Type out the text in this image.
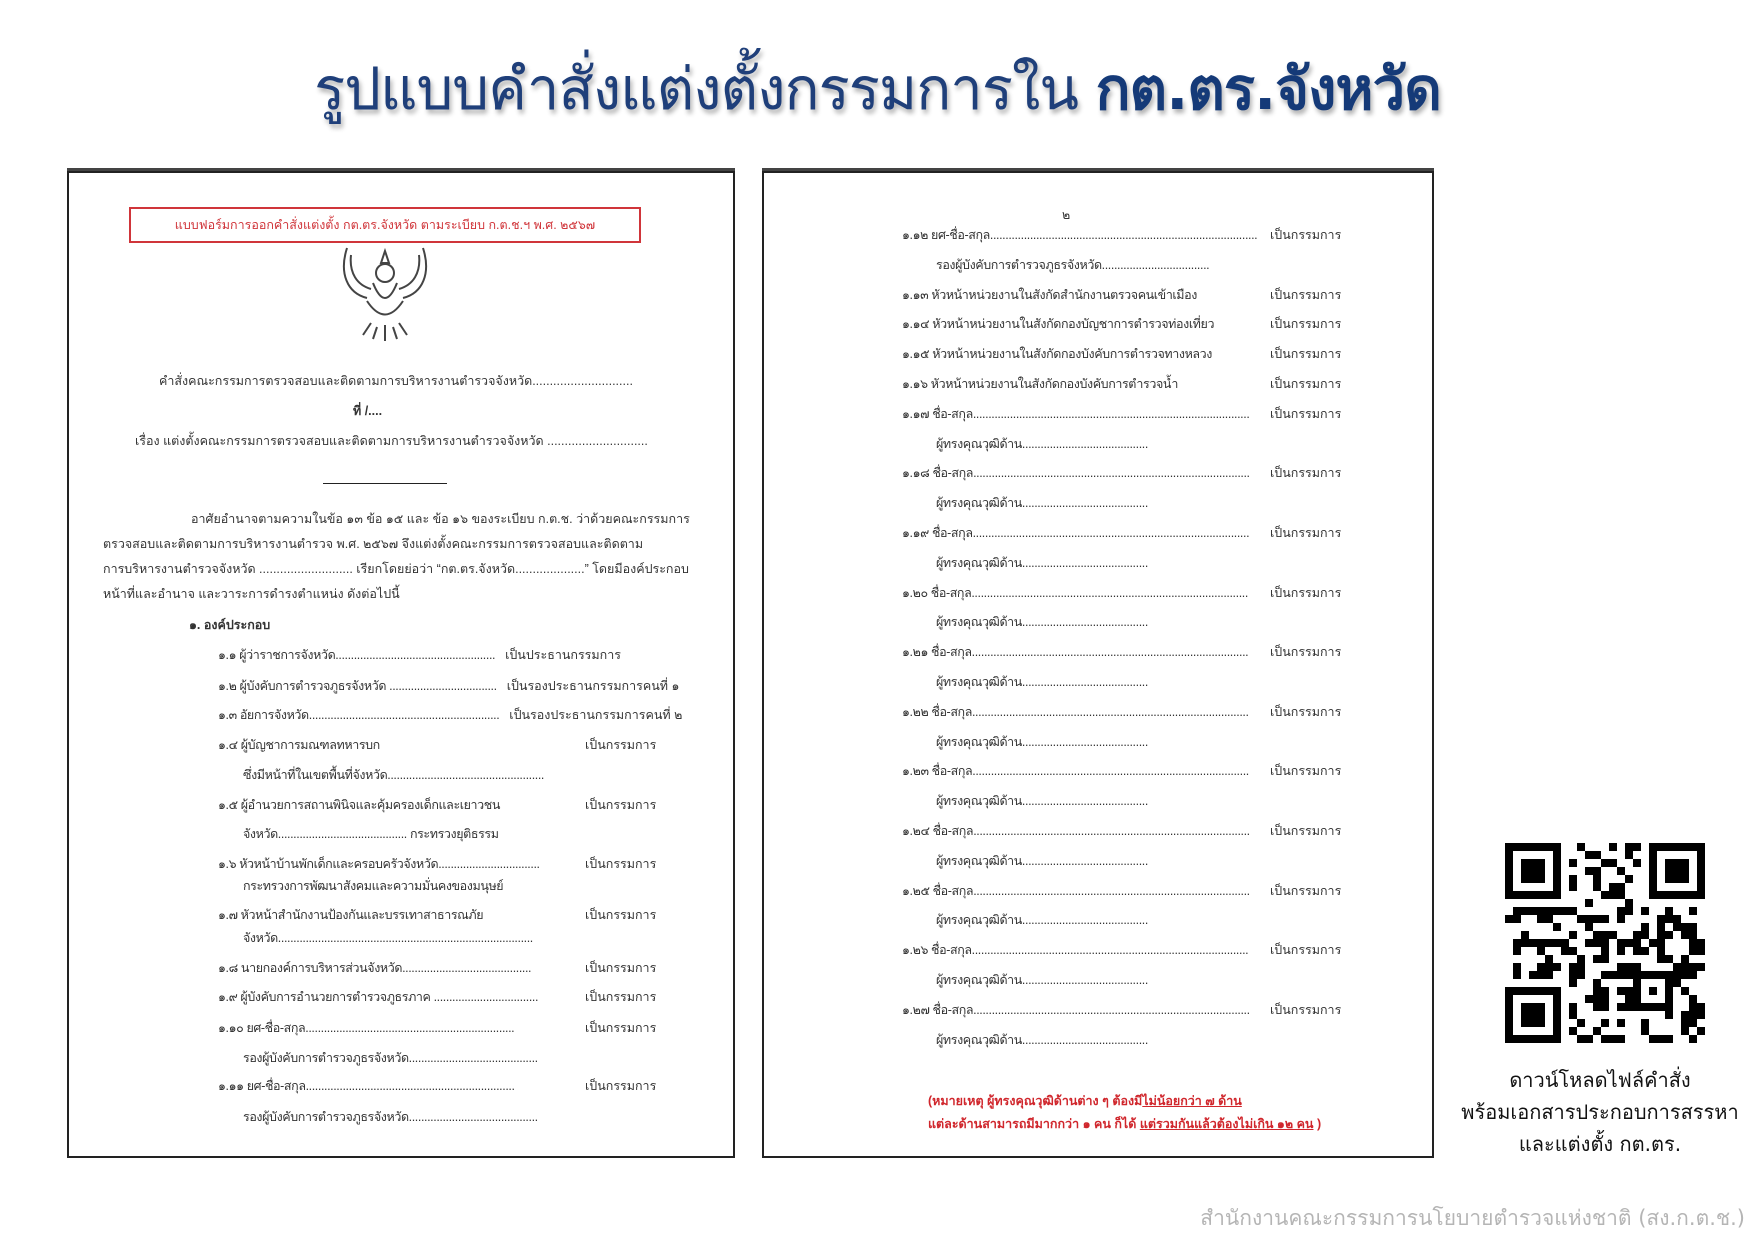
รูปแบบคำสั่งแต่งตั้งกรรมการใน กต.ตร.จังหวัด
แบบฟอร์มการออกคำสั่งแต่งตั้ง กต.ตร.จังหวัด ตามระเบียบ ก.ต.ช.ฯ พ.ศ. ๒๕๖๗
คำสั่งคณะกรรมการตรวจสอบและติดตามการบริหารงานตำรวจจังหวัด.............................
ที่ /....
เรื่อง แต่งตั้งคณะกรรมการตรวจสอบและติดตามการบริหารงานตำรวจจังหวัด .............................
อาศัยอำนาจตามความในข้อ ๑๓ ข้อ ๑๕ และ ข้อ ๑๖ ของระเบียบ ก.ต.ช. ว่าด้วยคณะกรรมการ
ตรวจสอบและติดตามการบริหารงานตำรวจ พ.ศ. ๒๕๖๗ จึงแต่งตั้งคณะกรรมการตรวจสอบและติดตาม
การบริหารงานตำรวจจังหวัด ........................... เรียกโดยย่อว่า “กต.ตร.จังหวัด....................” โดยมีองค์ประกอบ
หน้าที่และอำนาจ และวาระการดำรงตำแหน่ง ดังต่อไปนี้
๑. องค์ประกอบ
๑.๑ ผู้ว่าราชการจังหวัด.................................................... เป็นประธานกรรมการ
๑.๒ ผู้บังคับการตำรวจภูธรจังหวัด ................................... เป็นรองประธานกรรมการคนที่ ๑
๑.๓ อัยการจังหวัด.............................................................. เป็นรองประธานกรรมการคนที่ ๒
๑.๔ ผู้บัญชาการมณฑลทหารบก	เป็นกรรมการ
ซึ่งมีหน้าที่ในเขตพื้นที่จังหวัด...................................................
๑.๕ ผู้อำนวยการสถานพินิจและคุ้มครองเด็กและเยาวชน	เป็นกรรมการ
จังหวัด.......................................... กระทรวงยุติธรรม
๑.๖ หัวหน้าบ้านพักเด็กและครอบครัวจังหวัด.................................	เป็นกรรมการ
กระทรวงการพัฒนาสังคมและความมั่นคงของมนุษย์
๑.๗ หัวหน้าสำนักงานป้องกันและบรรเทาสาธารณภัย	เป็นกรรมการ
จังหวัด...................................................................................
๑.๘ นายกองค์การบริหารส่วนจังหวัด..........................................	เป็นกรรมการ
๑.๙ ผู้บังคับการอำนวยการตำรวจภูธรภาค ..................................	เป็นกรรมการ
๑.๑๐ ยศ-ชื่อ-สกุล....................................................................	เป็นกรรมการ
รองผู้บังคับการตำรวจภูธรจังหวัด..........................................
๑.๑๑ ยศ-ชื่อ-สกุล....................................................................	เป็นกรรมการ
รองผู้บังคับการตำรวจภูธรจังหวัด..........................................
๒
(หมายเหตุ ผู้ทรงคุณวุฒิด้านต่าง ๆ ต้องมีไม่น้อยกว่า ๗ ด้าน
แต่ละด้านสามารถมีมากกว่า ๑ คน ก็ได้ แต่รวมกันแล้วต้องไม่เกิน ๑๒ คน )
๑.๑๒ ยศ-ชื่อ-สกุล.......................................................................................	เป็นกรรมการ
รองผู้บังคับการตำรวจภูธรจังหวัด...................................
๑.๑๓ หัวหน้าหน่วยงานในสังกัดสำนักงานตรวจคนเข้าเมือง	เป็นกรรมการ
๑.๑๔ หัวหน้าหน่วยงานในสังกัดกองบัญชาการตำรวจท่องเที่ยว	เป็นกรรมการ
๑.๑๕ หัวหน้าหน่วยงานในสังกัดกองบังคับการตำรวจทางหลวง	เป็นกรรมการ
๑.๑๖ หัวหน้าหน่วยงานในสังกัดกองบังคับการตำรวจน้ำ	เป็นกรรมการ
๑.๑๗ ชื่อ-สกุล..........................................................................................	เป็นกรรมการ
ผู้ทรงคุณวุฒิด้าน.........................................
๑.๑๘ ชื่อ-สกุล..........................................................................................	เป็นกรรมการ
ผู้ทรงคุณวุฒิด้าน.........................................
๑.๑๙ ชื่อ-สกุล..........................................................................................	เป็นกรรมการ
ผู้ทรงคุณวุฒิด้าน.........................................
๑.๒๐ ชื่อ-สกุล..........................................................................................	เป็นกรรมการ
ผู้ทรงคุณวุฒิด้าน.........................................
๑.๒๑ ชื่อ-สกุล..........................................................................................	เป็นกรรมการ
ผู้ทรงคุณวุฒิด้าน.........................................
๑.๒๒ ชื่อ-สกุล..........................................................................................	เป็นกรรมการ
ผู้ทรงคุณวุฒิด้าน.........................................
๑.๒๓ ชื่อ-สกุล..........................................................................................	เป็นกรรมการ
ผู้ทรงคุณวุฒิด้าน.........................................
๑.๒๔ ชื่อ-สกุล..........................................................................................	เป็นกรรมการ
ผู้ทรงคุณวุฒิด้าน.........................................
๑.๒๕ ชื่อ-สกุล..........................................................................................	เป็นกรรมการ
ผู้ทรงคุณวุฒิด้าน.........................................
๑.๒๖ ชื่อ-สกุล..........................................................................................	เป็นกรรมการ
ผู้ทรงคุณวุฒิด้าน.........................................
๑.๒๗ ชื่อ-สกุล..........................................................................................	เป็นกรรมการ
ผู้ทรงคุณวุฒิด้าน.........................................
ดาวน์โหลดไฟล์คำสั่ง
พร้อมเอกสารประกอบการสรรหา
และแต่งตั้ง กต.ตร.
สำนักงานคณะกรรมการนโยบายตำรวจแห่งชาติ (สง.ก.ต.ช.)
